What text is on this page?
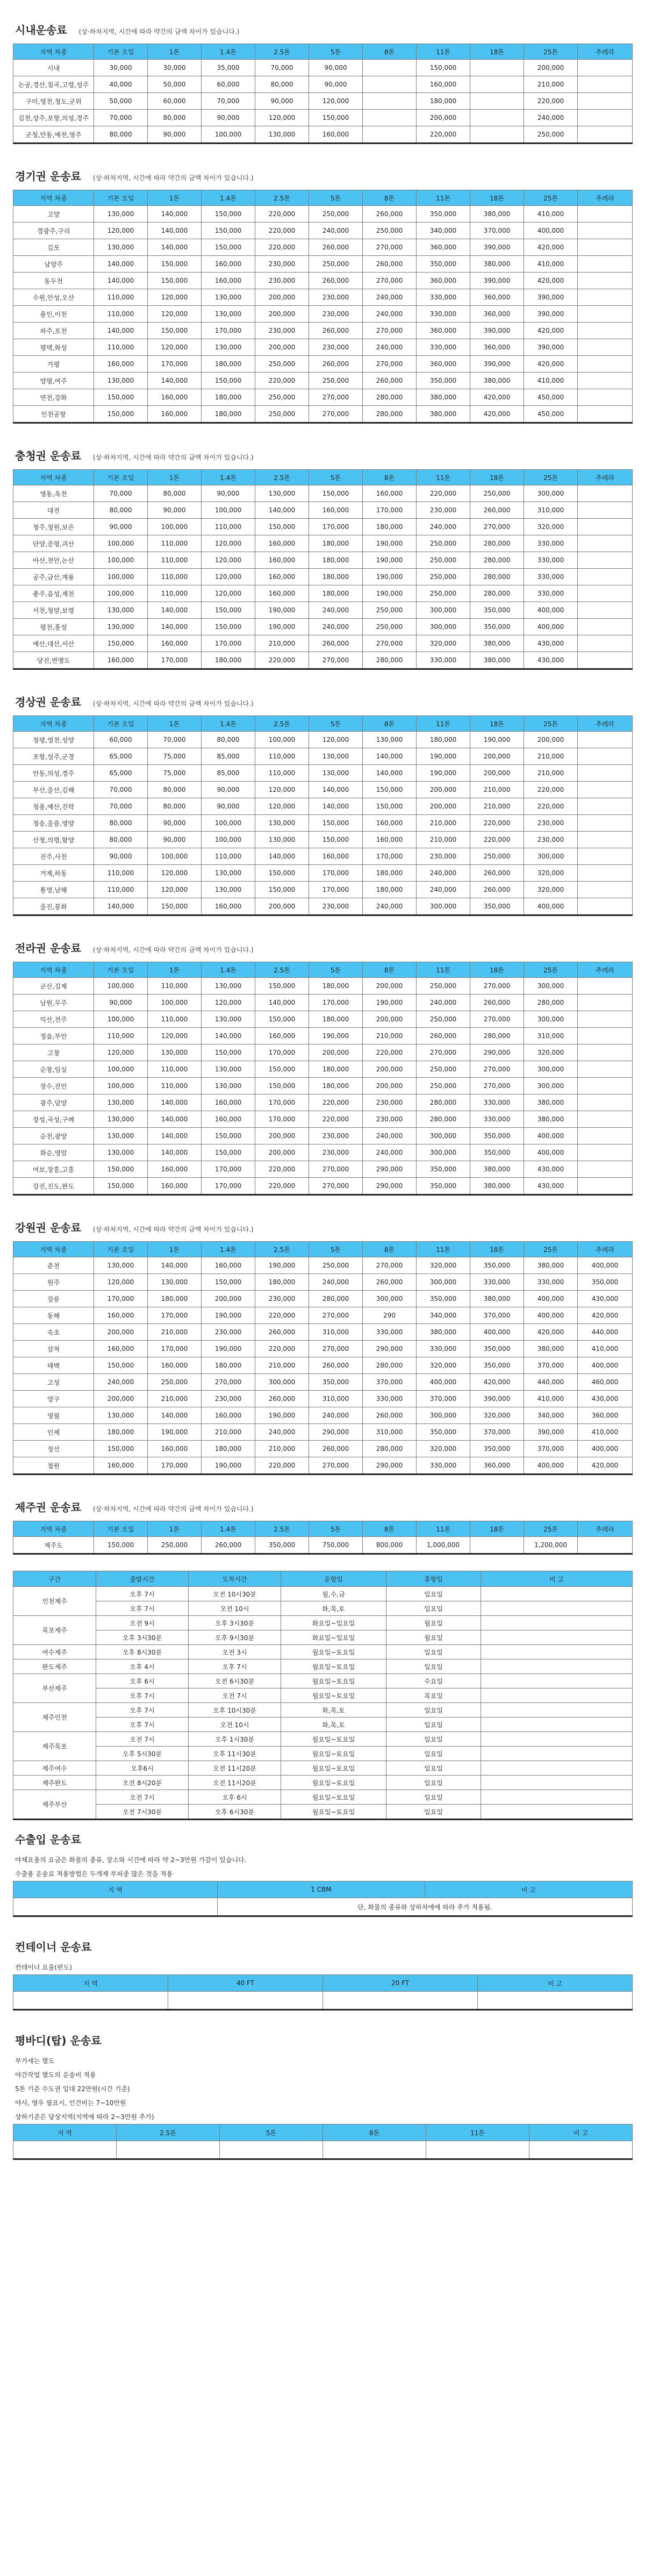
시내운송료 (상·하차지역, 시간에 따라 약간의 금액 차이가 있습니다.)
지역 차종	기본 오일	1톤	1.4톤	2.5톤	5톤	8톤	11톤	18톤	25톤	추레라
시내	30,000	30,000	35,000	70,000	90,000		150,000		200,000	
논공,경산,칠곡,고령,성주	40,000	50,000	60,000	80,000	90,000		160,000		210,000	
구미,영천,청도,군위	50,000	60,000	70,000	90,000	120,000		180,000		220,000	
김천,상주,포항,의성,경주	70,000	80,000	90,000	120,000	150,000		200,000		240,000	
군청,안동,예천,영주	80,000	90,000	100,000	130,000	160,000		220,000		250,000	
경기권 운송료 (상·하차지역, 시간에 따라 약간의 금액 차이가 있습니다.)
지역 차종	기본 오일	1톤	1.4톤	2.5톤	5톤	8톤	11톤	18톤	25톤	추레라
고양	130,000	140,000	150,000	220,000	250,000	260,000	350,000	380,000	410,000	
경광주,구리	120,000	140,000	150,000	220,000	240,000	250,000	340,000	370,000	400,000	
김포	130,000	140,000	150,000	220,000	260,000	270,000	360,000	390,000	420,000	
남양주	140,000	150,000	160,000	230,000	250,000	260,000	350,000	380,000	410,000	
동두천	140,000	150,000	160,000	230,000	260,000	270,000	360,000	390,000	420,000	
수원,안성,오산	110,000	120,000	130,000	200,000	230,000	240,000	330,000	360,000	390,000	
용인,이천	110,000	120,000	130,000	200,000	230,000	240,000	330,000	360,000	390,000	
파주,포천	140,000	150,000	170,000	230,000	260,000	270,000	360,000	390,000	420,000	
평택,화성	110,000	120,000	130,000	200,000	230,000	240,000	330,000	360,000	390,000	
가평	160,000	170,000	180,000	250,000	260,000	270,000	360,000	390,000	420,000	
양평,여주	130,000	140,000	150,000	220,000	250,000	260,000	350,000	380,000	410,000	
연천,강화	150,000	160,000	180,000	250,000	270,000	280,000	380,000	420,000	450,000	
인천공항	150,000	160,000	180,000	250,000	270,000	280,000	380,000	420,000	450,000	
충청권 운송료 (상·하차지역, 시간에 따라 약간의 금액 차이가 있습니다.)
지역 차종	기본 오일	1톤	1.4톤	2.5톤	5톤	8톤	11톤	18톤	25톤	추레라
영동,옥천	70,000	80,000	90,000	130,000	150,000	160,000	220,000	250,000	300,000	
대전	80,000	90,000	100,000	140,000	160,000	170,000	230,000	260,000	310,000	
청주,청원,보은	90,000	100,000	110,000	150,000	170,000	180,000	240,000	270,000	320,000	
단양,증평,괴산	100,000	110,000	120,000	160,000	180,000	190,000	250,000	280,000	330,000	
아산,천안,논산	100,000	110,000	120,000	160,000	180,000	190,000	250,000	280,000	330,000	
공주,금산,계룡	100,000	110,000	120,000	160,000	180,000	190,000	250,000	280,000	330,000	
충주,음성,제천	100,000	110,000	120,000	160,000	180,000	190,000	250,000	280,000	330,000	
서천,청양,보령	130,000	140,000	150,000	190,000	240,000	250,000	300,000	350,000	400,000	
평천,홍성	130,000	140,000	150,000	190,000	240,000	250,000	300,000	350,000	400,000	
예산,대산,서산	150,000	160,000	170,000	210,000	260,000	270,000	320,000	380,000	430,000	
당진,연맹도	160,000	170,000	180,000	220,000	270,000	280,000	330,000	380,000	430,000	
경상권 운송료 (상·하차지역, 시간에 따라 약간의 금액 차이가 있습니다.)
지역 차종	기본 오일	1톤	1.4톤	2.5톤	5톤	8톤	11톤	18톤	25톤	추레라
청평,영천,성양	60,000	70,000	80,000	100,000	120,000	130,000	180,000	190,000	200,000	
포항,성주,군경	65,000	75,000	85,000	110,000	130,000	140,000	190,000	200,000	210,000	
안동,의성,경주	65,000	75,000	85,000	110,000	130,000	140,000	190,000	200,000	210,000	
부산,울산,김해	70,000	80,000	90,000	120,000	140,000	150,000	200,000	210,000	220,000	
청용,예산,진락	70,000	80,000	90,000	120,000	140,000	150,000	200,000	210,000	220,000	
청송,울릉,영양	80,000	90,000	100,000	130,000	150,000	160,000	210,000	220,000	230,000	
산청,의령,함양	80,000	90,000	100,000	130,000	150,000	160,000	210,000	220,000	230,000	
진주,사천	90,000	100,000	110,000	140,000	160,000	170,000	230,000	250,000	300,000	
거제,하동	110,000	120,000	130,000	150,000	170,000	180,000	240,000	260,000	320,000	
통영,남해	110,000	120,000	130,000	150,000	170,000	180,000	240,000	260,000	320,000	
울진,봉화	140,000	150,000	160,000	200,000	230,000	240,000	300,000	350,000	400,000	
전라권 운송료 (상·하차지역, 시간에 따라 약간의 금액 차이가 있습니다.)
지역 차종	기본 오일	1톤	1.4톤	2.5톤	5톤	8톤	11톤	18톤	25톤	추레라
군산,김제	100,000	110,000	130,000	150,000	180,000	200,000	250,000	270,000	300,000	
남원,무주	90,000	100,000	120,000	140,000	170,000	190,000	240,000	260,000	280,000	
익산,전주	100,000	110,000	130,000	150,000	180,000	200,000	250,000	270,000	300,000	
정읍,부안	110,000	120,000	140,000	160,000	190,000	210,000	260,000	280,000	310,000	
고창	120,000	130,000	150,000	170,000	200,000	220,000	270,000	290,000	320,000	
순창,임실	100,000	110,000	130,000	150,000	180,000	200,000	250,000	270,000	300,000	
장수,진안	100,000	110,000	130,000	150,000	180,000	200,000	250,000	270,000	300,000	
광주,담양	130,000	140,000	160,000	170,000	220,000	230,000	280,000	330,000	380,000	
장성,곡성,구례	130,000	140,000	160,000	170,000	220,000	230,000	280,000	330,000	380,000	
순천,광양	130,000	140,000	150,000	200,000	230,000	240,000	300,000	350,000	400,000	
화순,영암	130,000	140,000	150,000	200,000	230,000	240,000	300,000	350,000	400,000	
여보,장흥,고흥	150,000	160,000	170,000	220,000	270,000	290,000	350,000	380,000	430,000	
강진,진도,완도	150,000	160,000	170,000	220,000	270,000	290,000	350,000	380,000	430,000	
강원권 운송료 (상·하차지역, 시간에 따라 약간의 금액 차이가 있습니다.)
지역 차종	기본 오일	1톤	1.4톤	2.5톤	5톤	8톤	11톤	18톤	25톤	추레라
춘천	130,000	140,000	160,000	190,000	250,000	270,000	320,000	350,000	380,000	400,000
원주	120,000	130,000	150,000	180,000	240,000	260,000	300,000	330,000	330,000	350,000
강릉	170,000	180,000	200,000	230,000	280,000	300,000	350,000	380,000	400,000	430,000
동해	160,000	170,000	190,000	220,000	270,000	290	340,000	370,000	400,000	420,000
속초	200,000	210,000	230,000	260,000	310,000	330,000	380,000	400,000	420,000	440,000
삼척	160,000	170,000	190,000	220,000	270,000	290,000	330,000	350,000	380,000	410,000
태백	150,000	160,000	180,000	210,000	260,000	280,000	320,000	350,000	370,000	400,000
고성	240,000	250,000	270,000	300,000	350,000	370,000	400,000	420,000	440,000	460,000
양구	200,000	210,000	230,000	260,000	310,000	330,000	370,000	390,000	410,000	430,000
영월	130,000	140,000	160,000	190,000	240,000	260,000	300,000	320,000	340,000	360,000
인제	180,000	190,000	210,000	240,000	290,000	310,000	350,000	370,000	390,000	410,000
정선	150,000	160,000	180,000	210,000	260,000	280,000	320,000	350,000	370,000	400,000
철원	160,000	170,000	190,000	220,000	270,000	290,000	330,000	360,000	400,000	420,000
제주권 운송료 (상·하차지역, 시간에 따라 약간의 금액 차이가 있습니다.)
지역 차종	기본 오일	1톤	1.4톤	2.5톤	5톤	8톤	11톤	18톤	25톤	추레라
제주도	150,000	250,000	260,000	350,000	750,000	800,000	1,000,000		1,200,000	
구간	출발시간	도착시간	운항일	휴항일	비 고
인천제주	오후 7시	오전 10시30분	월,수,금	일요일	
	오후 7시	오전 10시	화,목,토	일요일	
목포제주	오전 9시	오후 3시30분	화요일~일요일	월요일	
	오후 3시30분	오후 9시30분	화요일~일요일	월요일	
여수제주	오후 8시30분	오전 3시	월요일~토요일	일요일	
완도제주	오후 4시	오후 7시	월요일~토요일	일요일	
부산제주	오후 6시	오전 6시30분	월요일~토요일	수요일	
	오후 7시	오전 7시	월요일~토요일	목요일	
제주인천	오후 7시	오후 10시30분	화,목,토	일요일	
	오후 7시	오전 10시	화,목,토	일요일	
제주목포	오전 7시	오후 1시30분	월요일~토요일	일요일	
	오후 5시30분	오후 11시30분	월요일~토요일	일요일	
제주여수	오후6시	오전 11시20분	월요일~토요일	일요일	
제주완도	오전 8시20분	오전 11시20분	월요일~토요일	일요일	
제주부산	오전 7시	오후 6시	월요일~토요일	일요일	
	오전 7시30분	오후 6시30분	월요일~토요일	일요일	
수출입 운송료
야체요율의 요금은 화물의 종류, 장소와 시간에 따라 약 2~3만원 가감이 있습니다.
수출용 운송료 적용방법은 두개재 부피중 많은 것을 적용
지 역	1 CBM	비 고
	단, 화물의 종류와 상하차에에 따라 추가 적용됨.	
컨테이너 운송료
컨테이너 요율(편도)
지 역	40 FT	20 FT	비 고

평바디(탑) 운송료
부가세는 별도
야간작업 별도의 운송비 적용
5톤 기준 수도권 일대 22만원(시간 기준)
야사, 영우 필요시, 인건비는 7~10만원
상하기준은 당상지역(지역에 따라 2~3만원 추가)
지 역	2.5톤	5톤	8톤	11톤	비 고
